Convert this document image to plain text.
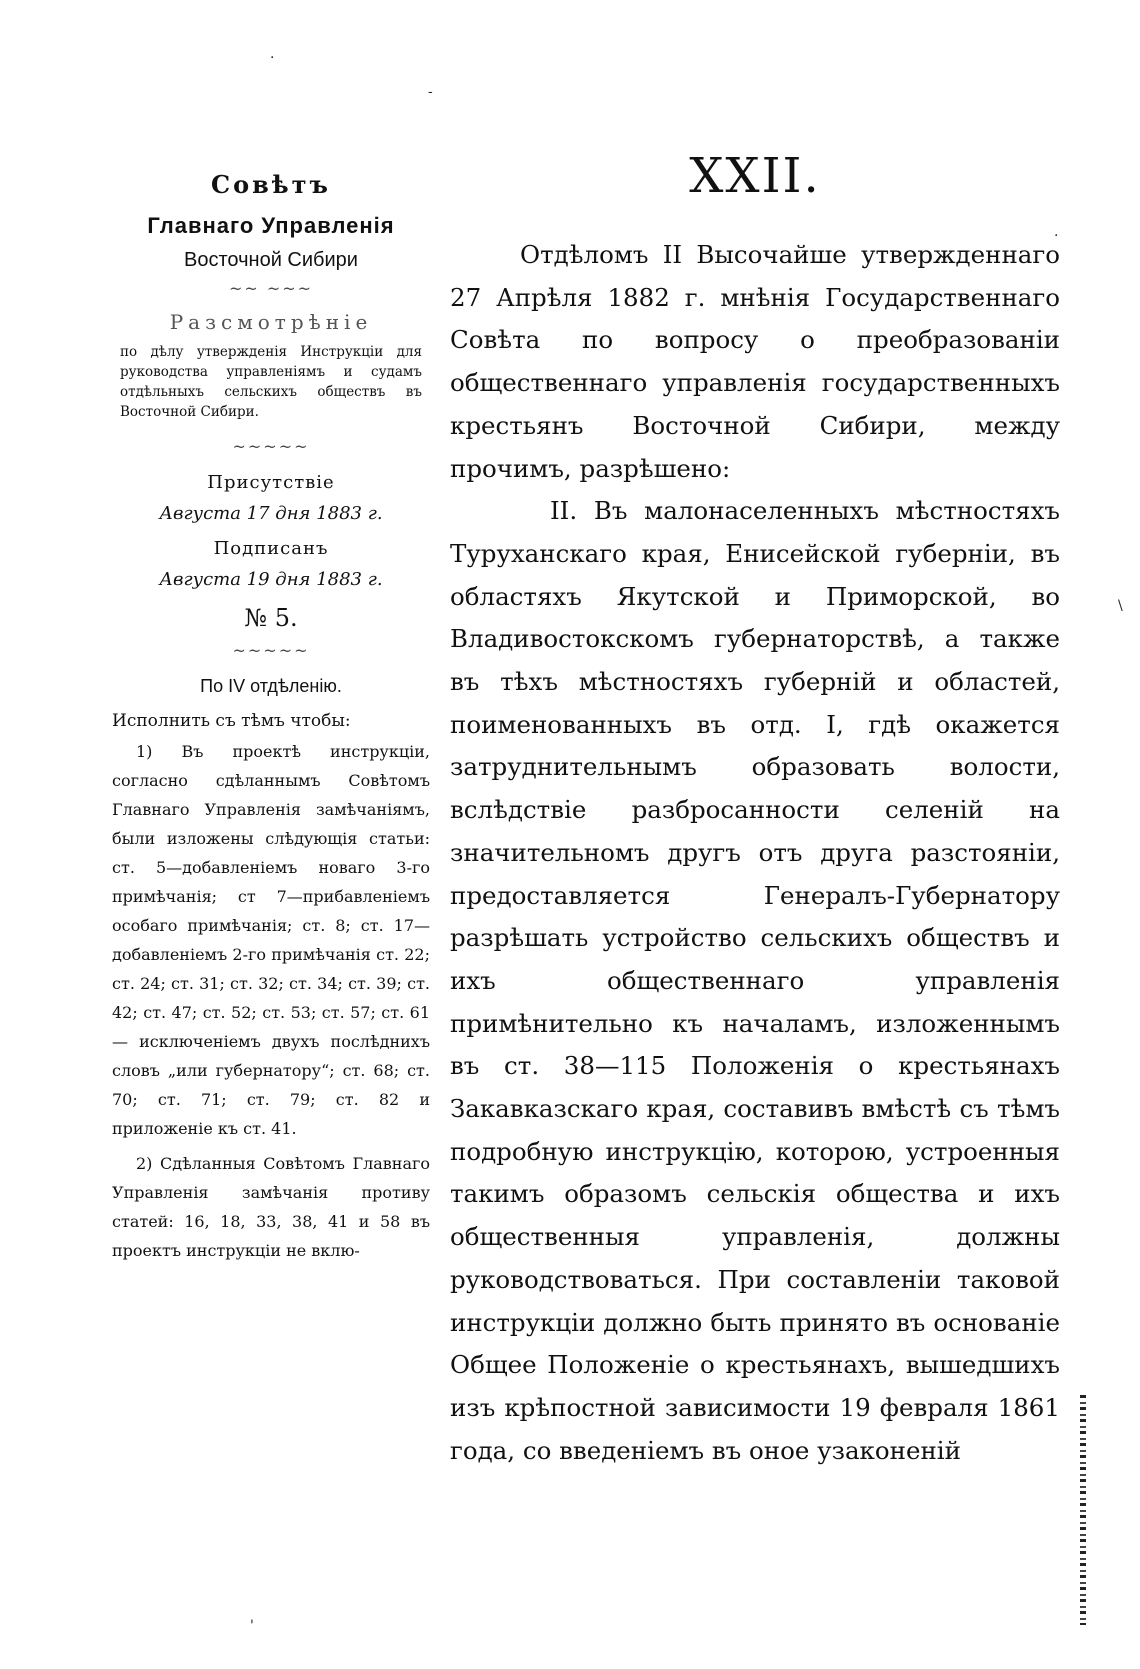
Совѣтъ
Главнаго Управленія
Восточной Сибири
~~ ~~~
Разсмотрѣніе
по дѣлу утвержденія Инструкціи для руководства управленіямъ и судамъ отдѣльныхъ сельскихъ обществъ въ Восточной Сибири.
~~~~~
Присутствіе
Августа 17 дня 1883 г.
Подписанъ
Августа 19 дня 1883 г.
№ 5.
~~~~~
По IV отдѣленію.
Исполнить съ тѣмъ чтобы:
1) Въ проектѣ инструкціи, согласно сдѣланнымъ Совѣтомъ Главнаго Управленія замѣчаніямъ, были изложены слѣдующія статьи: ст. 5—добавленіемъ новаго 3-го примѣчанія; ст 7—прибавленіемъ особаго примѣчанія; ст. 8; ст. 17—добавленіемъ 2-го примѣчанія ст. 22; ст. 24; ст. 31; ст. 32; ст. 34; ст. 39; ст. 42; ст. 47; ст. 52; ст. 53; ст. 57; ст. 61 — исключеніемъ двухъ послѣднихъ словъ „или губернатору“; ст. 68; ст. 70; ст. 71; ст. 79; ст. 82 и приложеніе къ ст. 41.
2) Сдѣланныя Совѣтомъ Главнаго Управленія замѣчанія противу статей: 16, 18, 33, 38, 41 и 58 въ проектъ инструкціи не вклю-
XXII.

Отдѣломъ II Высочайше утвержденнаго 27 Апрѣля 1882 г. мнѣнія Государственнаго Совѣта по вопросу о преобразованіи общественнаго управленія государственныхъ крестьянъ Восточной Сибири, между прочимъ, разрѣшено:

II. Въ малонаселенныхъ мѣстностяхъ Туруханскаго края, Енисейской губерніи, въ областяхъ Якутской и Приморской, во Владивостокскомъ губернаторствѣ, а также въ тѣхъ мѣстностяхъ губерній и областей, поименованныхъ въ отд. I, гдѣ окажется затруднительнымъ образовать волости, вслѣдствіе разбросанности селеній на значительномъ другъ отъ друга разстояніи, предоставляется Генералъ-Губернатору разрѣшать устройство сельскихъ обществъ и ихъ общественнаго управленія примѣнительно къ началамъ, изложеннымъ въ ст. 38—115 Положенія о крестьянахъ Закавказскаго края, составивъ вмѣстѣ съ тѣмъ подробную инструкцію, которою, устроенныя такимъ образомъ сельскія общества и ихъ общественныя управленія, должны руководствоваться. При составленіи таковой инструкціи должно быть принято въ основаніе Общее Положеніе о крестьянахъ, вышедшихъ изъ крѣпостной зависимости 19 февраля 1861 года, со введеніемъ въ оное узаконеній

·
-
·
\
'
